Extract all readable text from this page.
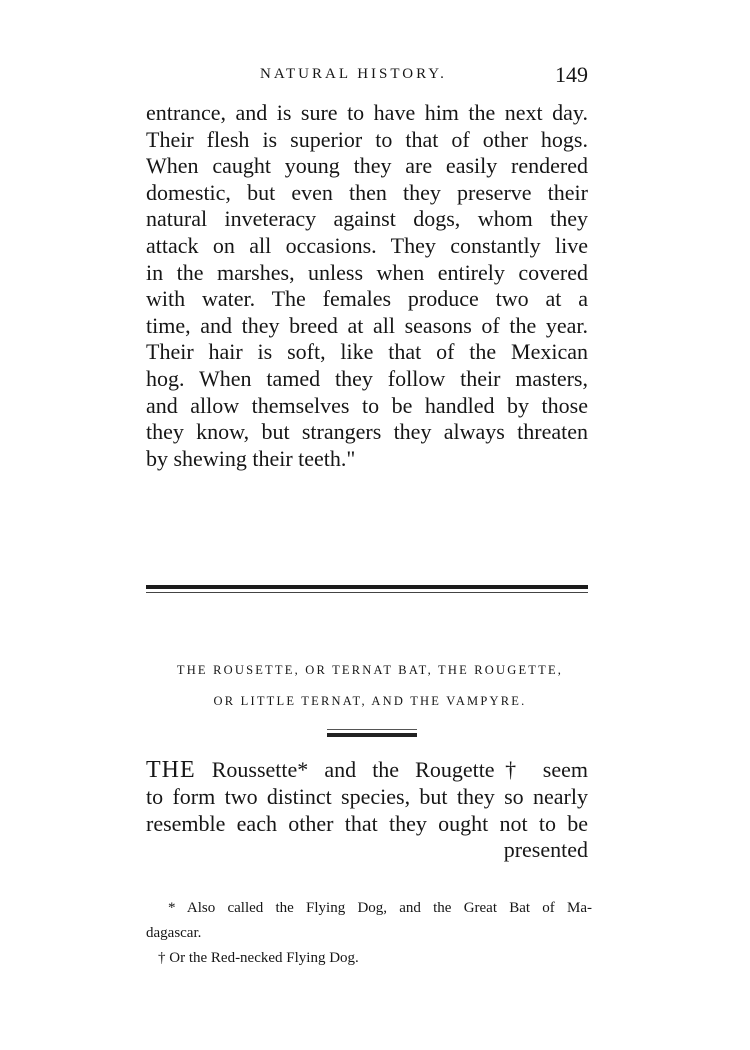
NATURAL HISTORY.	149
entrance, and is sure to have him the next day.
Their flesh is superior to that of other hogs.
When caught young they are easily rendered
domestic, but even then they preserve their
natural inveteracy against dogs, whom they
attack on all occasions. They constantly live
in the marshes, unless when entirely covered
with water. The females produce two at a
time, and they breed at all seasons of the year.
Their hair is soft, like that of the Mexican
hog. When tamed they follow their masters,
and allow themselves to be handled by those
they know, but strangers they always threaten
by shewing their teeth."
THE ROUSETTE, OR TERNAT BAT, THE ROUGETTE,
OR LITTLE TERNAT, AND THE VAMPYRE.
THE Roussette* and the Rougette† seem
to form two distinct species, but they so nearly
resemble each other that they ought not to be
presented
* Also called the Flying Dog, and the Great Bat of Ma-
dagascar.
† Or the Red-necked Flying Dog.
